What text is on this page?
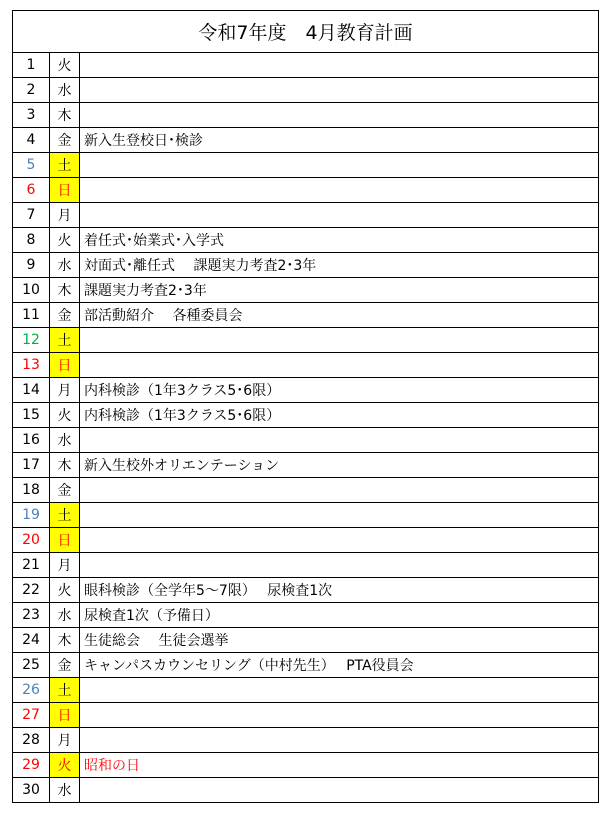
令和7年度　4月教育計画		
1	火	
2	水	
3	木	
4	金	新入生登校日･検診
5	土	
6	日	
7	月	
8	火	着任式･始業式･入学式
9	水	対面式･離任式　 課題実力考査2･3年
10	木	課題実力考査2･3年
11	金	部活動紹介　 各種委員会
12	土	
13	日	
14	月	内科検診（1年3クラス5･6限）
15	火	内科検診（1年3クラス5･6限）
16	水	
17	木	新入生校外オリエンテーション
18	金	
19	土	
20	日	
21	月	
22	火	眼科検診（全学年5～7限）　 尿検査1次
23	水	尿検査1次（予備日）
24	木	生徒総会　 生徒会選挙
25	金	キャンパスカウンセリング（中村先生）　 PTA役員会
26	土	
27	日	
28	月	
29	火	昭和の日
30	水	
